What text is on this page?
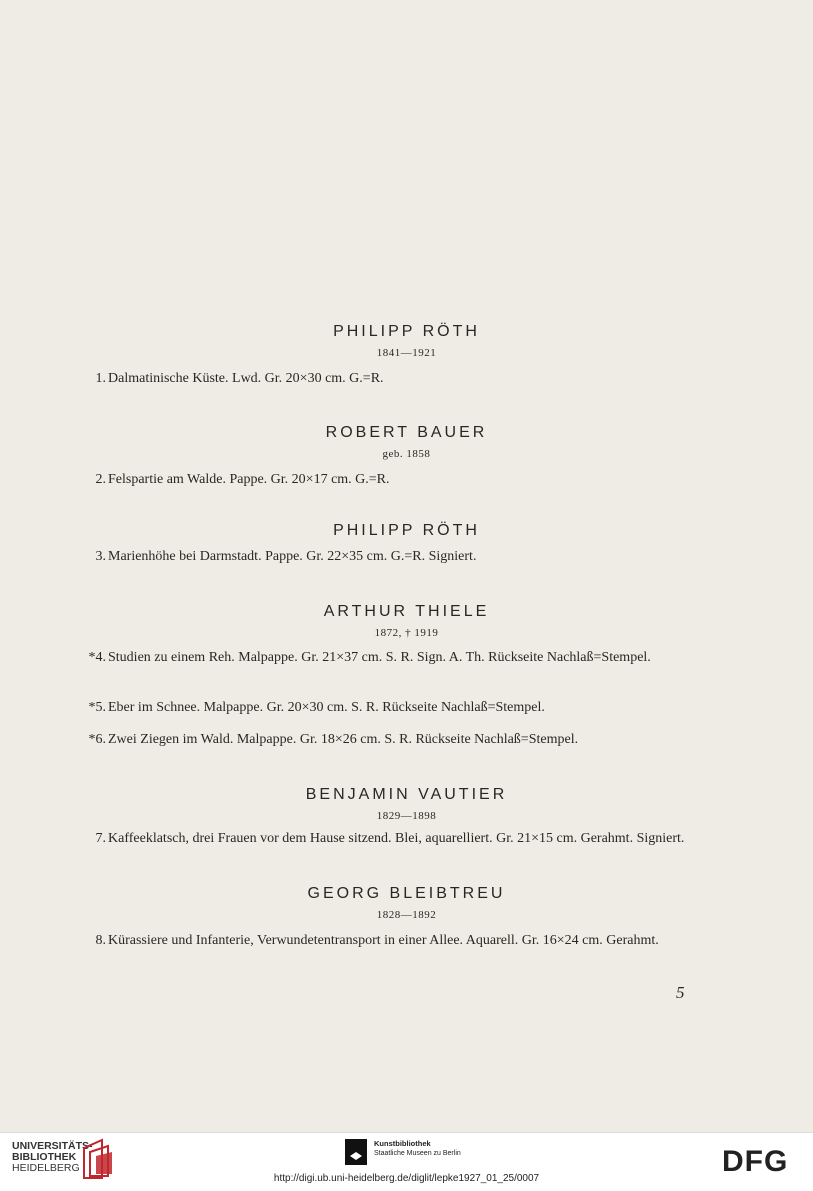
PHILIPP RÖTH
1841—1921
1. Dalmatinische Küste. Lwd. Gr. 20×30 cm. G.=R.
ROBERT BAUER
geb. 1858
2. Felspartie am Walde. Pappe. Gr. 20×17 cm. G.=R.
PHILIPP RÖTH
3. Marienhöhe bei Darmstadt. Pappe. Gr. 22×35 cm. G.=R. Signiert.
ARTHUR THIELE
1872, † 1919
*4. Studien zu einem Reh. Malpappe. Gr. 21×37 cm. S. R. Sign. A. Th. Rückseite Nachlaß=Stempel.
*5. Eber im Schnee. Malpappe. Gr. 20×30 cm. S. R. Rückseite Nachlaß=Stempel.
*6. Zwei Ziegen im Wald. Malpappe. Gr. 18×26 cm. S. R. Rückseite Nachlaß=Stempel.
BENJAMIN VAUTIER
1829—1898
7. Kaffeeklatsch, drei Frauen vor dem Hause sitzend. Blei, aquarelliert. Gr. 21×15 cm. Gerahmt. Signiert.
GEORG BLEIBTREU
1828—1892
8. Kürassiere und Infanterie, Verwundetentransport in einer Allee. Aquarell. Gr. 16×24 cm. Gerahmt.
5
UNIVERSITÄTS-
BIBLIOTHEK
HEIDELBERG
Kunstbibliothek
Staatliche Museen zu Berlin	DFG
http://digi.ub.uni-heidelberg.de/diglit/lepke1927_01_25/0007
